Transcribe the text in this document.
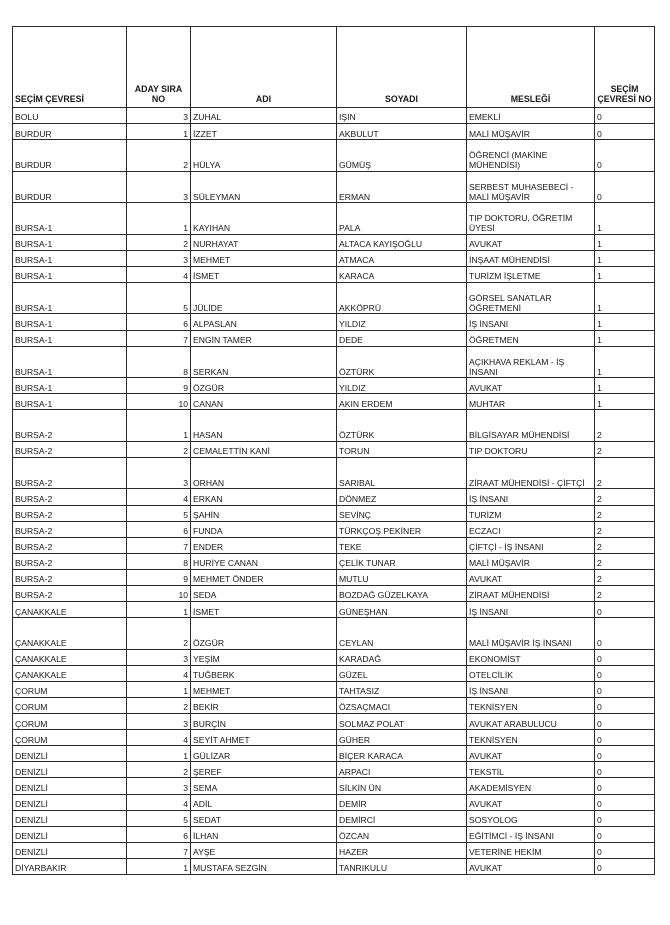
SEÇİM ÇEVRESİ	ADAY SIRA NO	ADI	SOYADI	MESLEĞİ	SEÇİM ÇEVRESİ NO
BOLU	3	ZUHAL	IŞIN	EMEKLİ	0
BURDUR	1	İZZET	AKBULUT	MALİ MÜŞAVİR	0
BURDUR	2	HÜLYA	GÜMÜŞ	ÖĞRENCİ (MAKİNE MÜHENDİSİ)	0
BURDUR	3	SÜLEYMAN	ERMAN	SERBEST MUHASEBECİ - MALİ MÜŞAVİR	0
BURSA-1	1	KAYIHAN	PALA	TIP DOKTORU, ÖĞRETİM ÜYESİ	1
BURSA-1	2	NURHAYAT	ALTACA KAYIŞOĞLU	AVUKAT	1
BURSA-1	3	MEHMET	ATMACA	İNŞAAT MÜHENDİSİ	1
BURSA-1	4	İSMET	KARACA	TURİZM İŞLETME	1
BURSA-1	5	JÜLİDE	AKKÖPRÜ	GÖRSEL SANATLAR ÖĞRETMENİ	1
BURSA-1	6	ALPASLAN	YILDIZ	İŞ İNSANI	1
BURSA-1	7	ENGİN TAMER	DEDE	ÖĞRETMEN	1
BURSA-1	8	SERKAN	ÖZTÜRK	AÇIKHAVA REKLAM - İŞ İNSANI	1
BURSA-1	9	ÖZGÜR	YILDIZ	AVUKAT	1
BURSA-1	10	CANAN	AKIN ERDEM	MUHTAR	1
BURSA-2	1	HASAN	ÖZTÜRK	BİLGİSAYAR MÜHENDİSİ	2
BURSA-2	2	CEMALETTİN KANİ	TORUN	TIP DOKTORU	2
BURSA-2	3	ORHAN	SARIBAL	ZİRAAT MÜHENDİSİ - ÇİFTÇİ	2
BURSA-2	4	ERKAN	DÖNMEZ	İŞ İNSANI	2
BURSA-2	5	ŞAHİN	SEVİNÇ	TURİZM	2
BURSA-2	6	FUNDA	TÜRKÇOŞ PEKİNER	ECZACI	2
BURSA-2	7	ENDER	TEKE	ÇİFTÇİ - İŞ İNSANI	2
BURSA-2	8	HURİYE CANAN	ÇELİK TUNAR	MALİ MÜŞAVİR	2
BURSA-2	9	MEHMET ÖNDER	MUTLU	AVUKAT	2
BURSA-2	10	SEDA	BOZDAĞ GÜZELKAYA	ZİRAAT MÜHENDİSİ	2
ÇANAKKALE	1	İSMET	GÜNEŞHAN	İŞ İNSANI	0
ÇANAKKALE	2	ÖZGÜR	CEYLAN	MALİ MÜŞAVİR İŞ İNSANI	0
ÇANAKKALE	3	YEŞİM	KARADAĞ	EKONOMİST	0
ÇANAKKALE	4	TUĞBERK	GÜZEL	OTELCİLİK	0
ÇORUM	1	MEHMET	TAHTASIZ	İŞ İNSANI	0
ÇORUM	2	BEKİR	ÖZSAÇMACI	TEKNİSYEN	0
ÇORUM	3	BURÇİN	SOLMAZ POLAT	AVUKAT ARABULUCU	0
ÇORUM	4	SEYİT AHMET	GÜHER	TEKNİSYEN	0
DENİZLİ	1	GÜLİZAR	BİÇER KARACA	AVUKAT	0
DENİZLİ	2	ŞEREF	ARPACI	TEKSTİL	0
DENİZLİ	3	SEMA	SİLKİN ÜN	AKADEMİSYEN	0
DENİZLİ	4	ADİL	DEMİR	AVUKAT	0
DENİZLİ	5	SEDAT	DEMİRCİ	SOSYOLOG	0
DENİZLİ	6	İLHAN	ÖZCAN	EĞİTİMCİ - İŞ İNSANI	0
DENİZLİ	7	AYŞE	HAZER	VETERİNE HEKİM	0
DİYARBAKIR	1	MUSTAFA SEZGİN	TANRIKULU	AVUKAT	0
